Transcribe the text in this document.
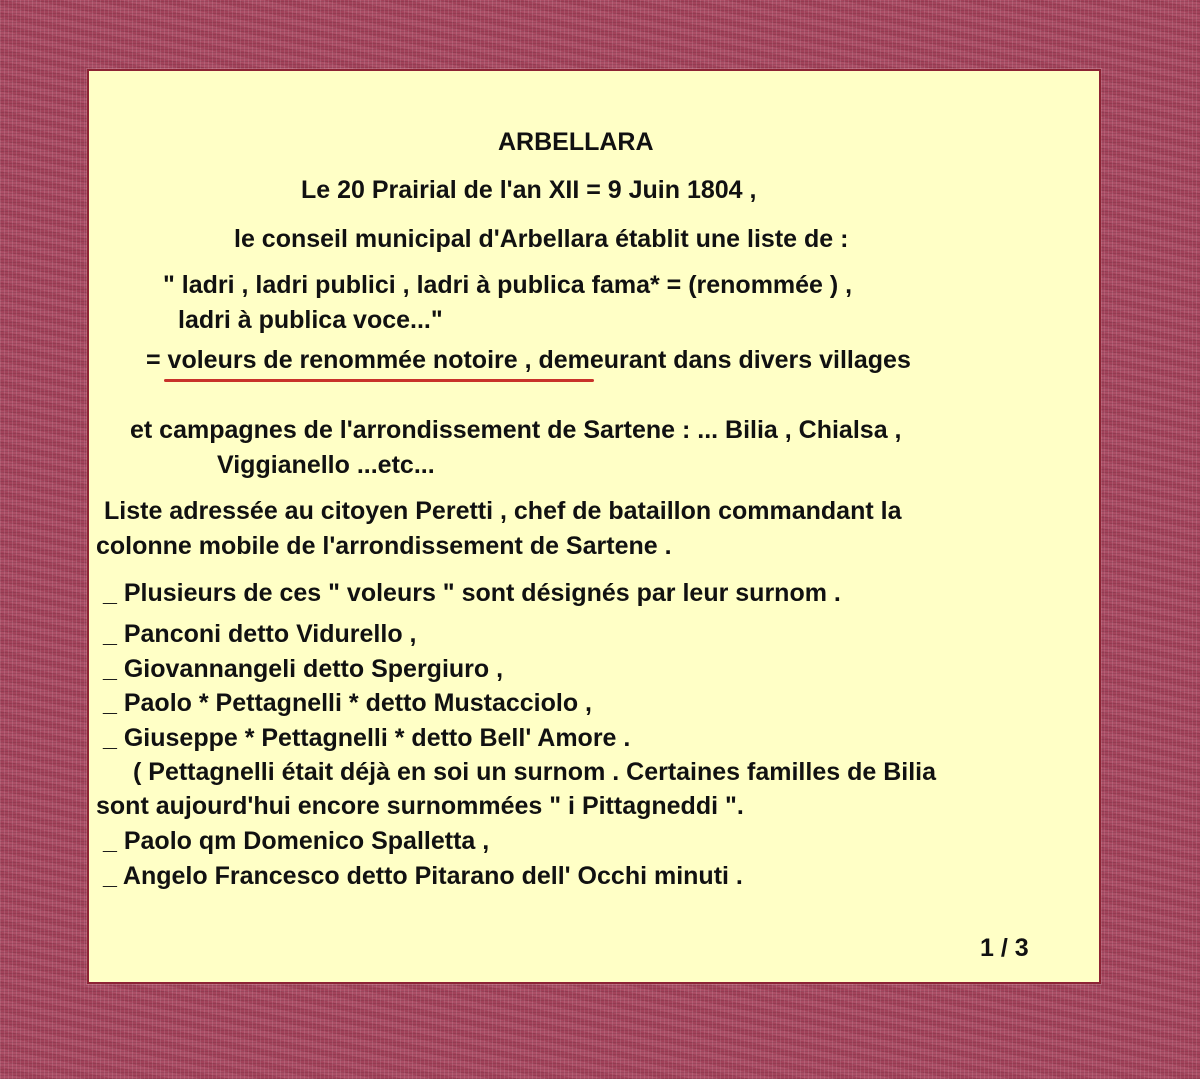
ARBELLARA
Le 20 Prairial de l'an XII = 9 Juin 1804 ,
le conseil municipal d'Arbellara établit une liste de :
" ladri , ladri publici , ladri à publica fama* = (renommée ) ,
ladri à publica voce..."
= voleurs de renommée notoire , demeurant dans divers villages
et campagnes de l'arrondissement de Sartene : ... Bilia , Chialsa ,
Viggianello ...etc...
Liste adressée au citoyen Peretti , chef de bataillon commandant la
colonne mobile de l'arrondissement de Sartene .
_ Plusieurs de ces " voleurs " sont désignés par leur surnom .
_ Panconi detto Vidurello ,
_ Giovannangeli detto Spergiuro ,
_ Paolo * Pettagnelli * detto Mustacciolo ,
_ Giuseppe * Pettagnelli * detto Bell' Amore .
( Pettagnelli était déjà en soi un surnom . Certaines familles de Bilia
sont aujourd'hui encore surnommées " i Pittagneddi ".
_ Paolo qm Domenico Spalletta ,
_ Angelo Francesco detto Pitarano dell' Occhi minuti .
1 / 3
